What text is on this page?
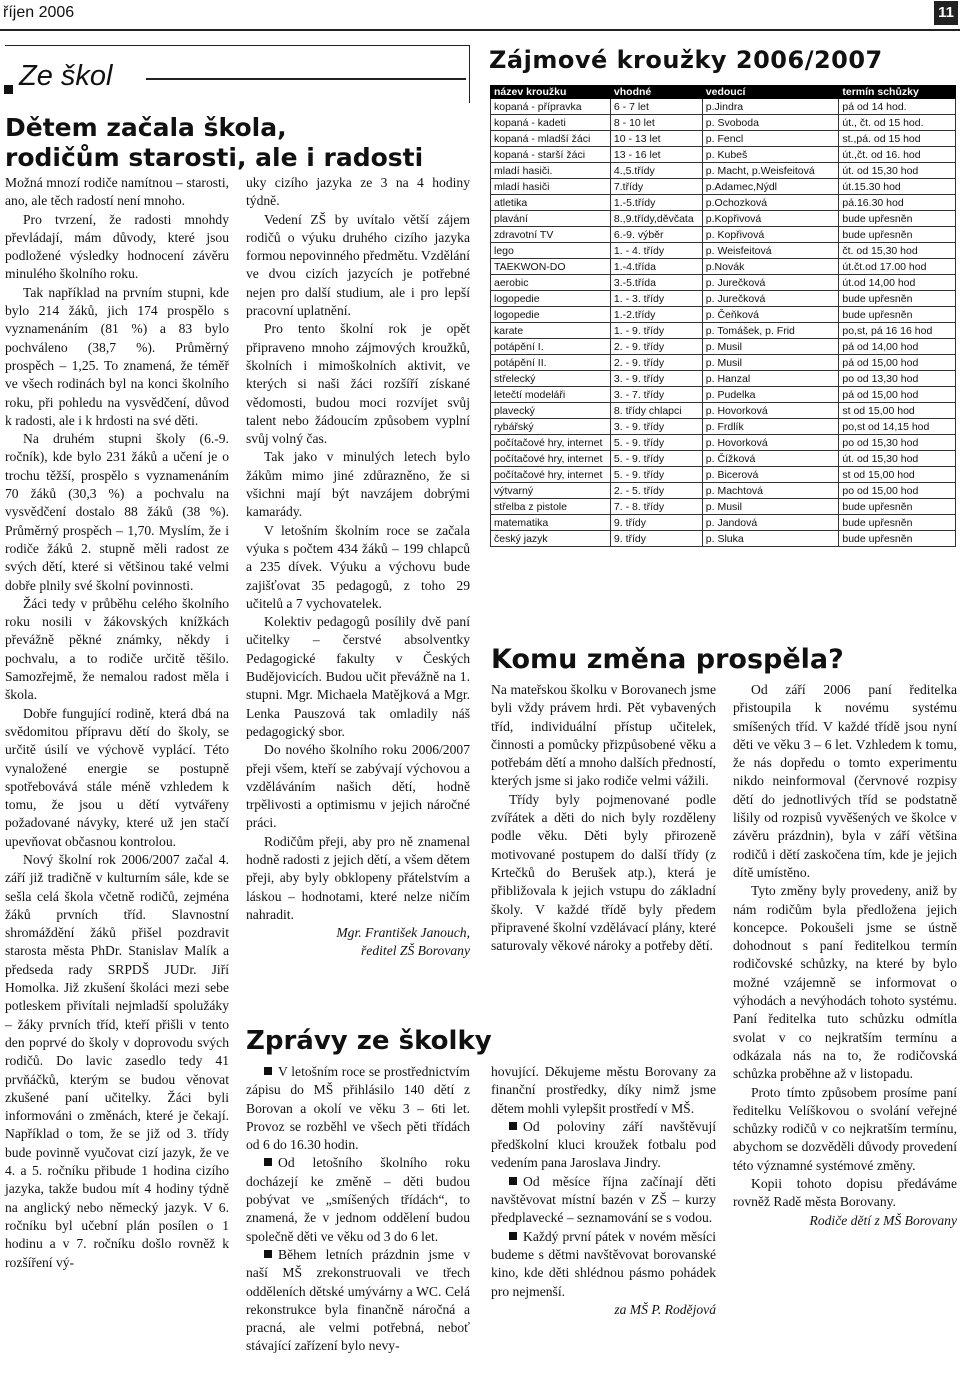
říjen 2006	11
Ze škol
Dětem začala škola,
rodičům starosti, ale i radosti

Možná mnozí rodiče namítnou – starosti, ano, ale těch radostí není mnoho.

Pro tvrzení, že radosti mnohdy převládají, mám důvody, které jsou podložené výsledky hodnocení závěru minulého školního roku.

Tak například na prvním stupni, kde bylo 214 žáků, jich 174 prospělo s vyznamenáním (81 %) a 83 bylo pochváleno (38,7 %). Průměrný prospěch – 1,25. To znamená, že téměř ve všech rodinách byl na konci školního roku, při pohledu na vysvědčení, důvod k radosti, ale i k hrdosti na své děti.

Na druhém stupni školy (6.-9. ročník), kde bylo 231 žáků a učení je o trochu těžší, prospělo s vyznamenáním 70 žáků (30,3 %) a pochvalu na vysvědčení dostalo 88 žáků (38 %). Průměrný prospěch – 1,70. Myslím, že i rodiče žáků 2. stupně měli radost ze svých dětí, které si většinou také velmi dobře plnily své školní povinnosti.

Žáci tedy v průběhu celého školního roku nosili v žákovských knížkách převážně pěkné známky, někdy i pochvalu, a to rodiče určitě těšilo. Samozřejmě, že nemalou radost měla i škola.

Dobře fungující rodině, která dbá na svědomitou přípravu dětí do školy, se určitě úsilí ve výchově vyplácí. Této vynaložené energie se postupně spotřebovává stále méně vzhledem k tomu, že jsou u dětí vytvářeny požadované návyky, které už jen stačí upevňovat občasnou kontrolou.

Nový školní rok 2006/2007 začal 4. září již tradičně v kulturním sále, kde se sešla celá škola včetně rodičů, zejména žáků prvních tříd. Slavnostní shromáždění žáků přišel pozdravit starosta města PhDr. Stanislav Malík a předseda rady SRPDŠ JUDr. Jiří Homolka. Již zkušení školáci mezi sebe potleskem přivítali nejmladší spolužáky – žáky prvních tříd, kteří přišli v tento den poprvé do školy v doprovodu svých rodičů. Do lavic zasedlo tedy 41 prvňáčků, kterým se budou věnovat zkušené paní učitelky. Žáci byli informováni o změnách, které je čekají. Například o tom, že se již od 3. třídy bude povinně vyučovat cizí jazyk, že ve 4. a 5. ročníku přibude 1 hodina cizího jazyka, takže budou mít 4 hodiny týdně na anglický nebo německý jazyk. V 6. ročníku byl učební plán posílen o 1 hodinu a v 7. ročníku došlo rovněž k rozšíření vý-

uky cizího jazyka ze 3 na 4 hodiny týdně.

Vedení ZŠ by uvítalo větší zájem rodičů o výuku druhého cizího jazyka formou nepovinného předmětu. Vzdělání ve dvou cizích jazycích je potřebné nejen pro další studium, ale i pro lepší pracovní uplatnění.

Pro tento školní rok je opět připraveno mnoho zájmových kroužků, školních i mimoškolních aktivit, ve kterých si naši žáci rozšíří získané vědomosti, budou moci rozvíjet svůj talent nebo žádoucím způsobem vyplní svůj volný čas.

Tak jako v minulých letech bylo žákům mimo jiné zdůrazněno, že si všichni mají být navzájem dobrými kamarády.

V letošním školním roce se začala výuka s počtem 434 žáků – 199 chlapců a 235 dívek. Výuku a výchovu bude zajišťovat 35 pedagogů, z toho 29 učitelů a 7 vychovatelek.

Kolektiv pedagogů posílily dvě paní učitelky – čerstvé absolventky Pedagogické fakulty v Českých Budějovicích. Budou učit převážně na 1. stupni. Mgr. Michaela Matějková a Mgr. Lenka Pauszová tak omladily náš pedagogický sbor.

Do nového školního roku 2006/2007 přeji všem, kteří se zabývají výchovou a vzděláváním našich dětí, hodně trpělivosti a optimismu v jejich náročné práci.

Rodičům přeji, aby pro ně znamenal hodně radosti z jejich dětí, a všem dětem přeji, aby byly obklopeny přátelstvím a láskou – hodnotami, které nelze ničím nahradit.

Mgr. František Janouch,
ředitel ZŠ Borovany
Zájmové kroužky 2006/2007
název kroužku	vhodné	vedoucí	termín schůzky
kopaná - přípravka	6 - 7 let	p.Jindra	pá od 14 hod.
kopaná - kadeti	8 - 10 let	p. Svoboda	út., čt. od 15 hod.
kopaná - mladší žáci	10 - 13 let	p. Fencl	st.,pá. od 15 hod
kopaná - starší žáci	13 - 16 let	p. Kubeš	út.,čt. od 16. hod
mladí hasiči.	4.,5.třídy	p. Macht, p.Weisfeitová	út. od 15,30 hod
mladí hasiči	7.třídy	p.Adamec,Nýdl	út.15.30 hod
atletika	1.-5.třídy	p.Ochozková	pá.16.30 hod
plavání	8.,9.třídy,děvčata	p.Kopřivová	bude upřesněn
zdravotní TV	6.-9. výběr	p. Kopřivová	bude upřesněn
lego	1. - 4. třídy	p. Weisfeitová	čt. od 15,30 hod
TAEKWON-DO	1.-4.třída	p.Novák	út.čt.od 17.00 hod
aerobic	3.-5.třída	p. Jurečková	út.od 14,00 hod
logopedie	1. - 3. třídy	p. Jurečková	bude upřesněn
logopedie	1.-2.třídy	p. Čeňková	bude upřesněn
karate	1. - 9. třídy	p. Tomášek, p. Frid	po,st, pá 16 16 hod
potápění I.	2. - 9. třídy	p. Musil	pá od 14,00 hod
potápění II.	2. - 9. třídy	p. Musil	pá od 15,00 hod
střelecký	3. - 9. třídy	p. Hanzal	po od 13,30 hod
letečtí modeláři	3. - 7. třídy	p. Pudelka	pá od 15,00 hod
plavecký	8. třídy chlapci	p. Hovorková	st od 15,00 hod
rybářský	3. - 9. třídy	p. Frdlík	po,st od 14,15 hod
počítačové hry, internet	5. - 9. třídy	p. Hovorková	po od 15,30 hod
počítačové hry, internet	5. - 9. třídy	p. Čížková	út. od 15,30 hod
počítačové hry, internet	5. - 9. třídy	p. Bicerová	st od 15,00 hod
výtvarný	2. - 5. třídy	p. Machtová	po od 15,00 hod
střelba z pistole	7. - 8. třídy	p. Musil	bude upřesněn
matematika	9. třídy	p. Jandová	bude upřesněn
český jazyk	9. třídy	p. Sluka	bude upřesněn
Komu změna prospěla?

Na mateřskou školku v Borovanech jsme byli vždy právem hrdi. Pět vybavených tříd, individuální přístup učitelek, činnosti a pomůcky přizpůsobené věku a potřebám dětí a mnoho dalších předností, kterých jsme si jako rodiče velmi vážili.

Třídy byly pojmenované podle zvířátek a děti do nich byly rozděleny podle věku. Děti byly přirozeně motivované postupem do další třídy (z Krtečků do Berušek atp.), která je přibližovala k jejich vstupu do základní školy. V každé třídě byly předem připravené školní vzdělávací plány, které saturovaly věkové nároky a potřeby dětí.

Od září 2006 paní ředitelka přistoupila k novému systému smíšených tříd. V každé třídě jsou nyní děti ve věku 3 – 6 let. Vzhledem k tomu, že nás dopředu o tomto experimentu nikdo neinformoval (červnové rozpisy dětí do jednotlivých tříd se podstatně lišily od rozpisů vyvěšených ve školce v závěru prázdnin), byla v září většina rodičů i dětí zaskočena tím, kde je jejich dítě umístěno.

Tyto změny byly provedeny, aniž by nám rodičům byla předložena jejich koncepce. Pokoušeli jsme se ústně dohodnout s paní ředitelkou termín rodičovské schůzky, na které by bylo možné vzájemně se informovat o výhodách a nevýhodách tohoto systému. Paní ředitelka tuto schůzku odmítla svolat v co nejkratším termínu a odkázala nás na to, že rodičovská schůzka proběhne až v listopadu.

Proto tímto způsobem prosíme paní ředitelku Velíškovou o svolání veřejné schůzky rodičů v co nejkratším termínu, abychom se dozvěděli důvody provedení této významné systémové změny.

Kopii tohoto dopisu předáváme rovněž Radě města Borovany.

Rodiče dětí z MŠ Borovany
Zprávy ze školky

V letošním roce se prostřednictvím zápisu do MŠ přihlásilo 140 dětí z Borovan a okolí ve věku 3 – 6ti let. Provoz se rozběhl ve všech pěti třídách od 6 do 16.30 hodin.

Od letošního školního roku docházejí ke změně – děti budou pobývat ve „smíšených třídách“, to znamená, že v jednom oddělení budou společně děti ve věku od 3 do 6 let.

Během letních prázdnin jsme v naší MŠ zrekonstruovali ve třech odděleních dětské umývárny a WC. Celá rekonstrukce byla finančně náročná a pracná, ale velmi potřebná, neboť stávající zařízení bylo nevy-

hovující. Děkujeme městu Borovany za finanční prostředky, díky nimž jsme dětem mohli vylepšit prostředí v MŠ.

Od poloviny září navštěvují předškolní kluci kroužek fotbalu pod vedením pana Jaroslava Jindry.

Od měsíce října začínají děti navštěvovat místní bazén v ZŠ – kurzy předplavecké – seznamování se s vodou.

Každý první pátek v novém měsíci budeme s dětmi navštěvovat borovanské kino, kde děti shlédnou pásmo pohádek pro nejmenší.

za MŠ P. Rodějová
